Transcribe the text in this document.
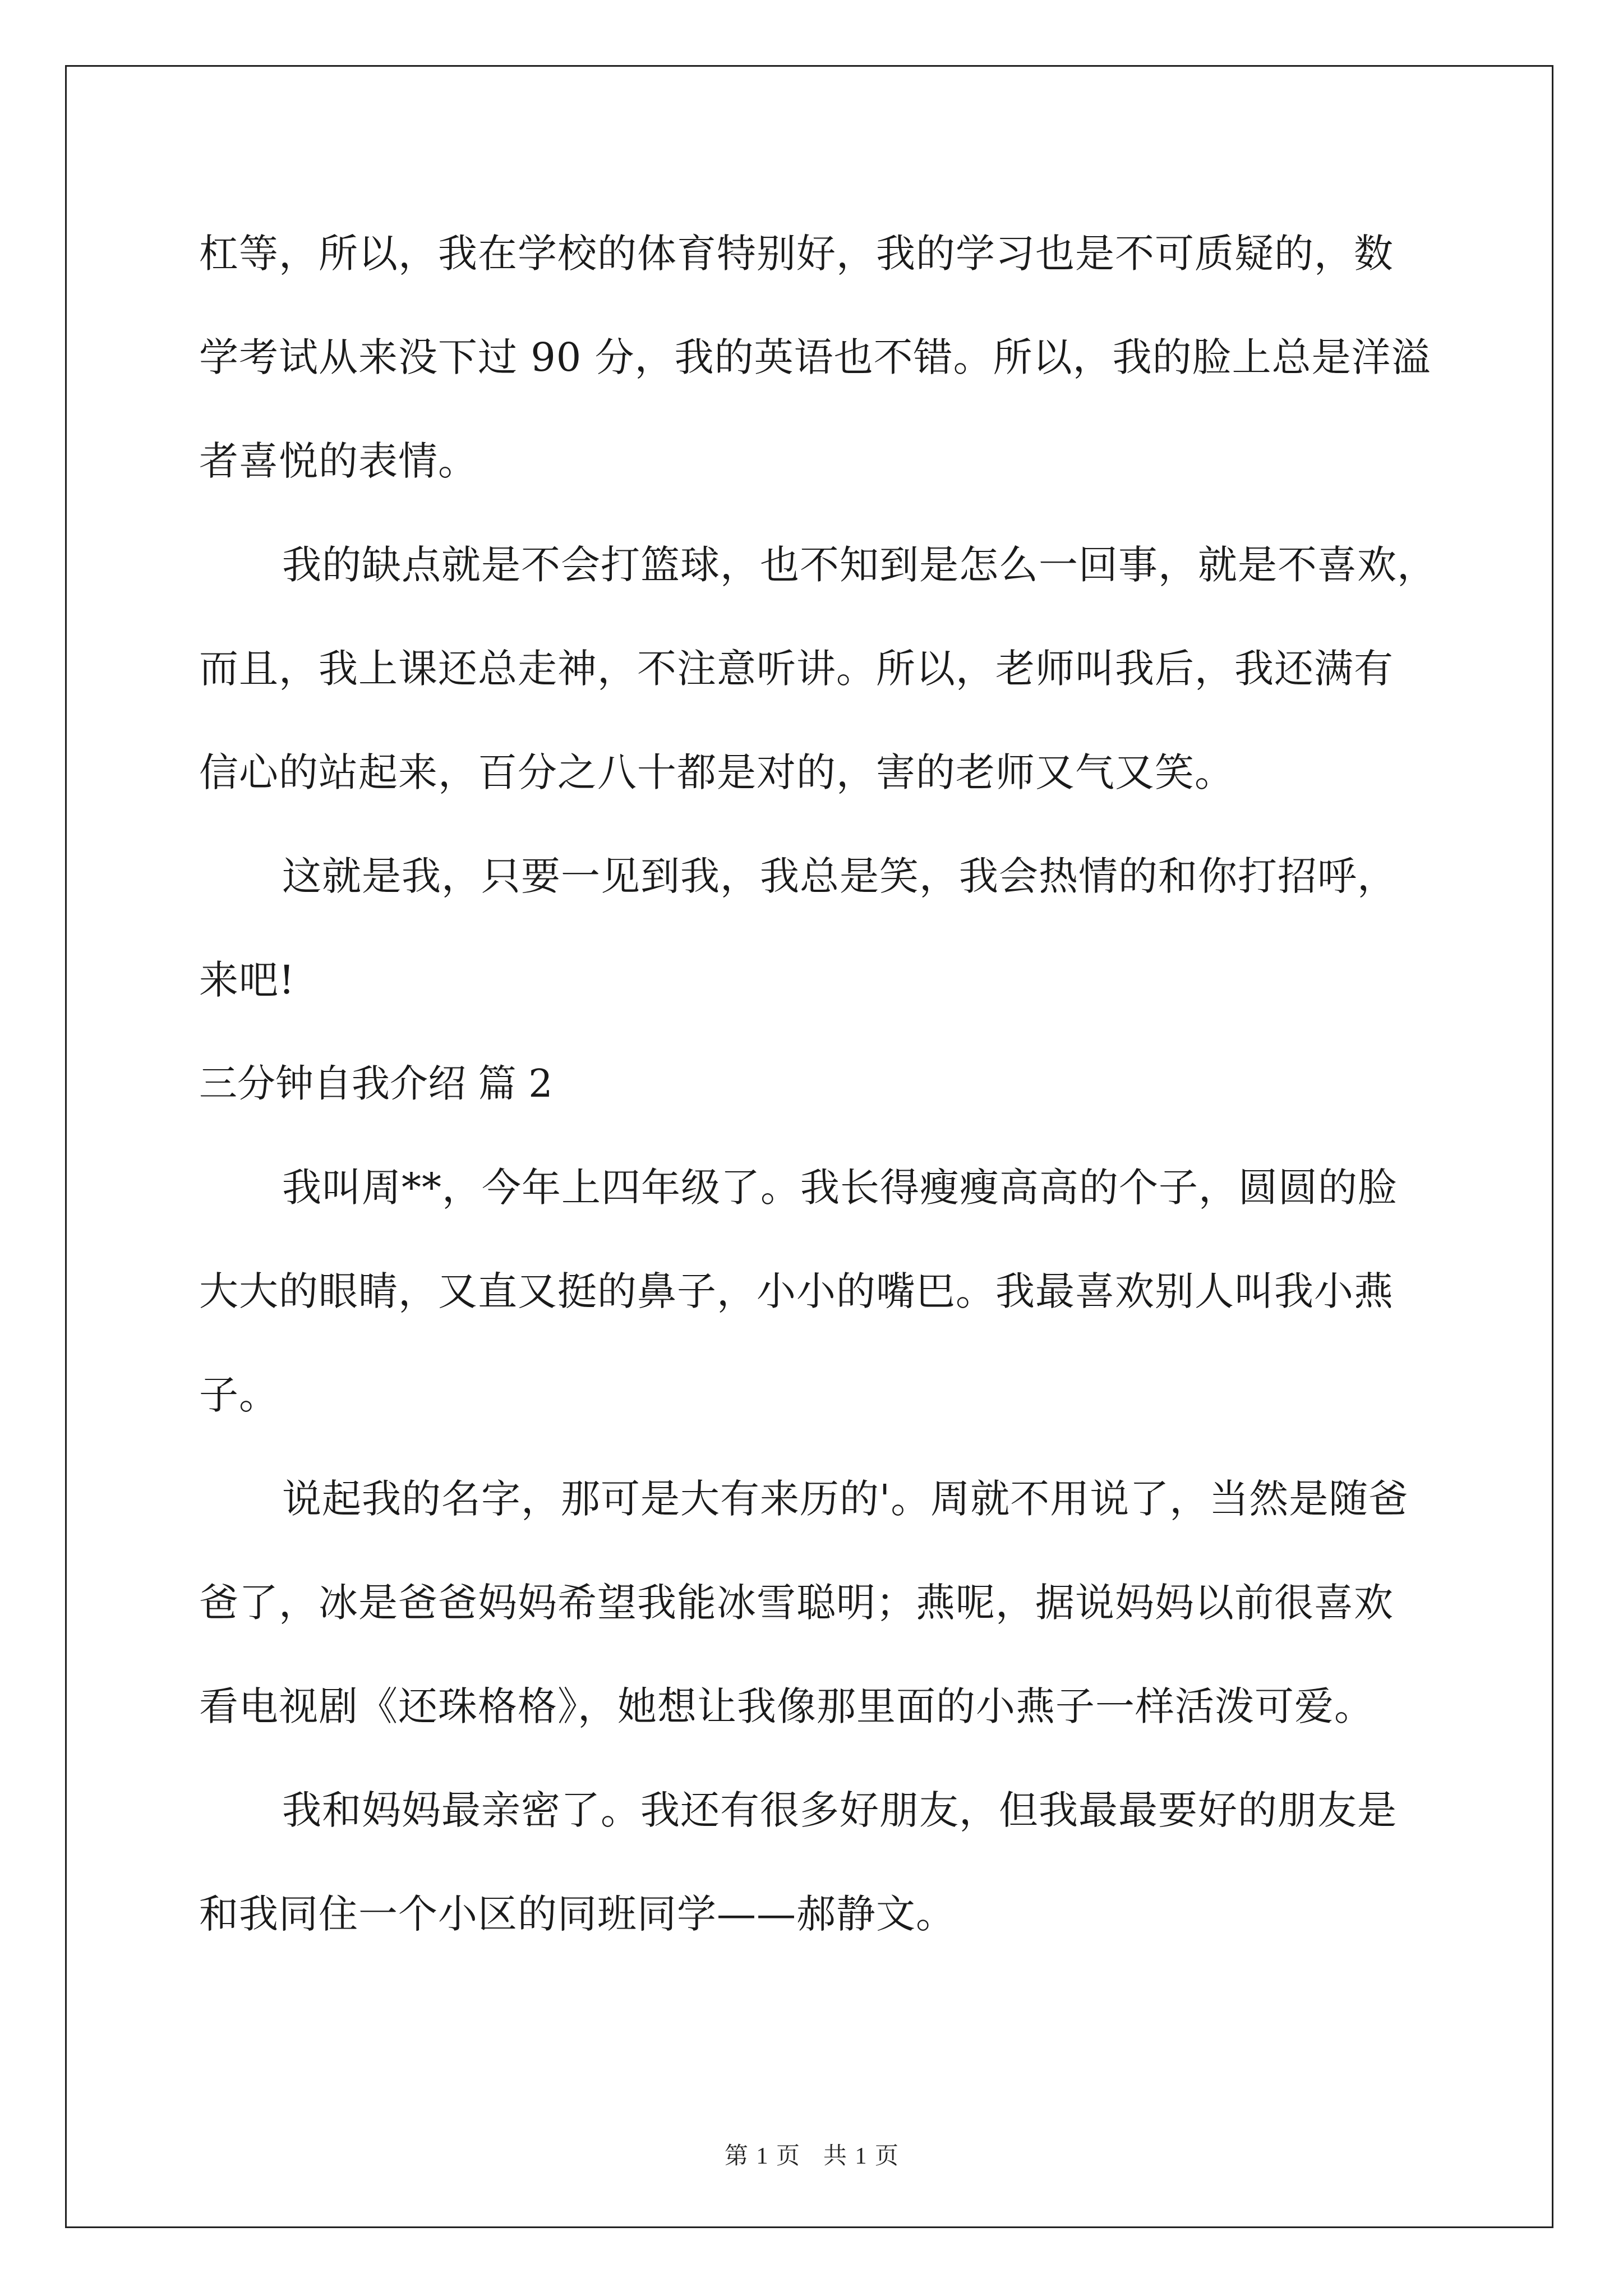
杠等，所以，我在学校的体育特别好，我的学习也是不可质疑的，数
学考试从来没下过 90 分，我的英语也不错。所以，我的脸上总是洋溢
者喜悦的表情。
我的缺点就是不会打篮球，也不知到是怎么一回事，就是不喜欢，
而且，我上课还总走神，不注意听讲。所以，老师叫我后，我还满有
信心的站起来，百分之八十都是对的，害的老师又气又笑。
这就是我，只要一见到我，我总是笑，我会热情的和你打招呼，
来吧!
三分钟自我介绍 篇 2
我叫周**，今年上四年级了。我长得瘦瘦高高的个子，圆圆的脸
大大的眼睛，又直又挺的鼻子，小小的嘴巴。我最喜欢别人叫我小燕
子。
说起我的名字，那可是大有来历的'。周就不用说了，当然是随爸
爸了，冰是爸爸妈妈希望我能冰雪聪明；燕呢，据说妈妈以前很喜欢
看电视剧《还珠格格》，她想让我像那里面的小燕子一样活泼可爱。
我和妈妈最亲密了。我还有很多好朋友，但我最最要好的朋友是
和我同住一个小区的同班同学——郝静文。
第 1 页　共 1 页
